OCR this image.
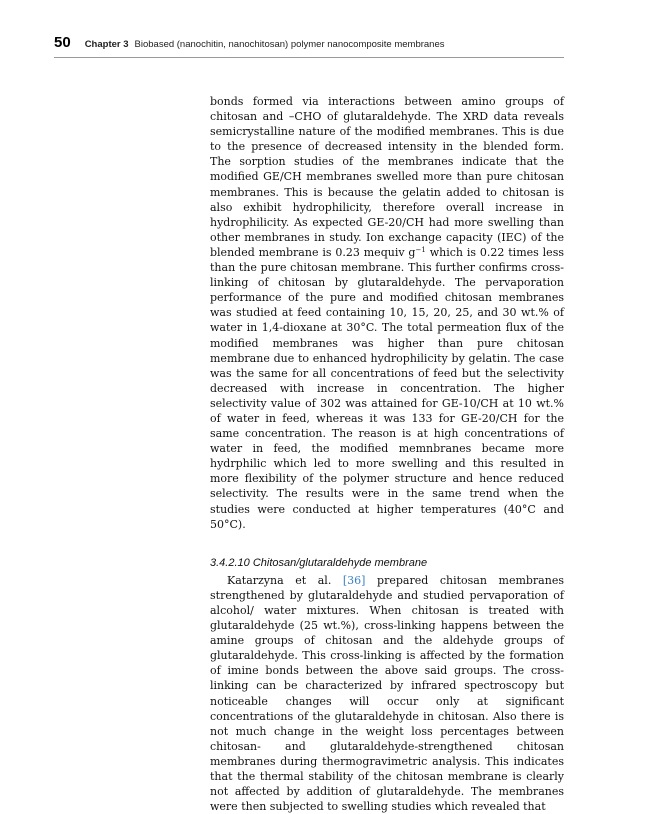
50 Chapter 3 Biobased (nanochitin, nanochitosan) polymer nanocomposite membranes

bonds formed via interactions between amino groups of chitosan and –CHO of glutaraldehyde. The XRD data reveals semicrystalline nature of the modified membranes. This is due to the presence of decreased intensity in the blended form. The sorption studies of the membranes indicate that the modified GE/CH membranes swelled more than pure chitosan membranes. This is because the gelatin added to chitosan is also exhibit hydrophilicity, therefore overall increase in hydrophilicity. As expected GE-20/CH had more swelling than other membranes in study. Ion exchange capacity (IEC) of the blended membrane is 0.23 mequiv $g^{-1}$ which is 0.22 times less than the pure chitosan membrane. This further confirms cross-linking of chitosan by glutaraldehyde. The pervaporation performance of the pure and modified chitosan membranes was studied at feed containing 10, 15, 20, 25, and 30 wt.% of water in 1,4-dioxane at 30°C. The total permeation flux of the modified membranes was higher than pure chitosan membrane due to enhanced hydrophilicity by gelatin. The case was the same for all concentrations of feed but the selectivity decreased with increase in concentration. The higher selectivity value of 302 was attained for GE-10/CH at 10 wt.% of water in feed, whereas it was 133 for GE-20/CH for the same concentration. The reason is at high concentrations of water in feed, the modified memnbranes became more hydrphilic which led to more swelling and this resulted in more flexibility of the polymer structure and hence reduced selectivity. The results were in the same trend when the studies were conducted at higher temperatures (40°C and 50°C).

3.4.2.10 Chitosan/glutaraldehyde membrane

Katarzyna et al. [36] prepared chitosan membranes strengthened by glutaraldehyde and studied pervaporation of alcohol/ water mixtures. When chitosan is treated with glutaraldehyde (25 wt.%), cross-linking happens between the amine groups of chitosan and the aldehyde groups of glutaraldehyde. This cross-linking is affected by the formation of imine bonds between the above said groups. The cross-linking can be characterized by infrared spectroscopy but noticeable changes will occur only at significant concentrations of the glutaraldehyde in chitosan. Also there is not much change in the weight loss percentages between chitosan- and glutaraldehyde-strengthened chitosan membranes during thermogravimetric analysis. This indicates that the thermal stability of the chitosan membrane is clearly not affected by addition of glutaraldehyde. The membranes were then subjected to swelling studies which revealed that
